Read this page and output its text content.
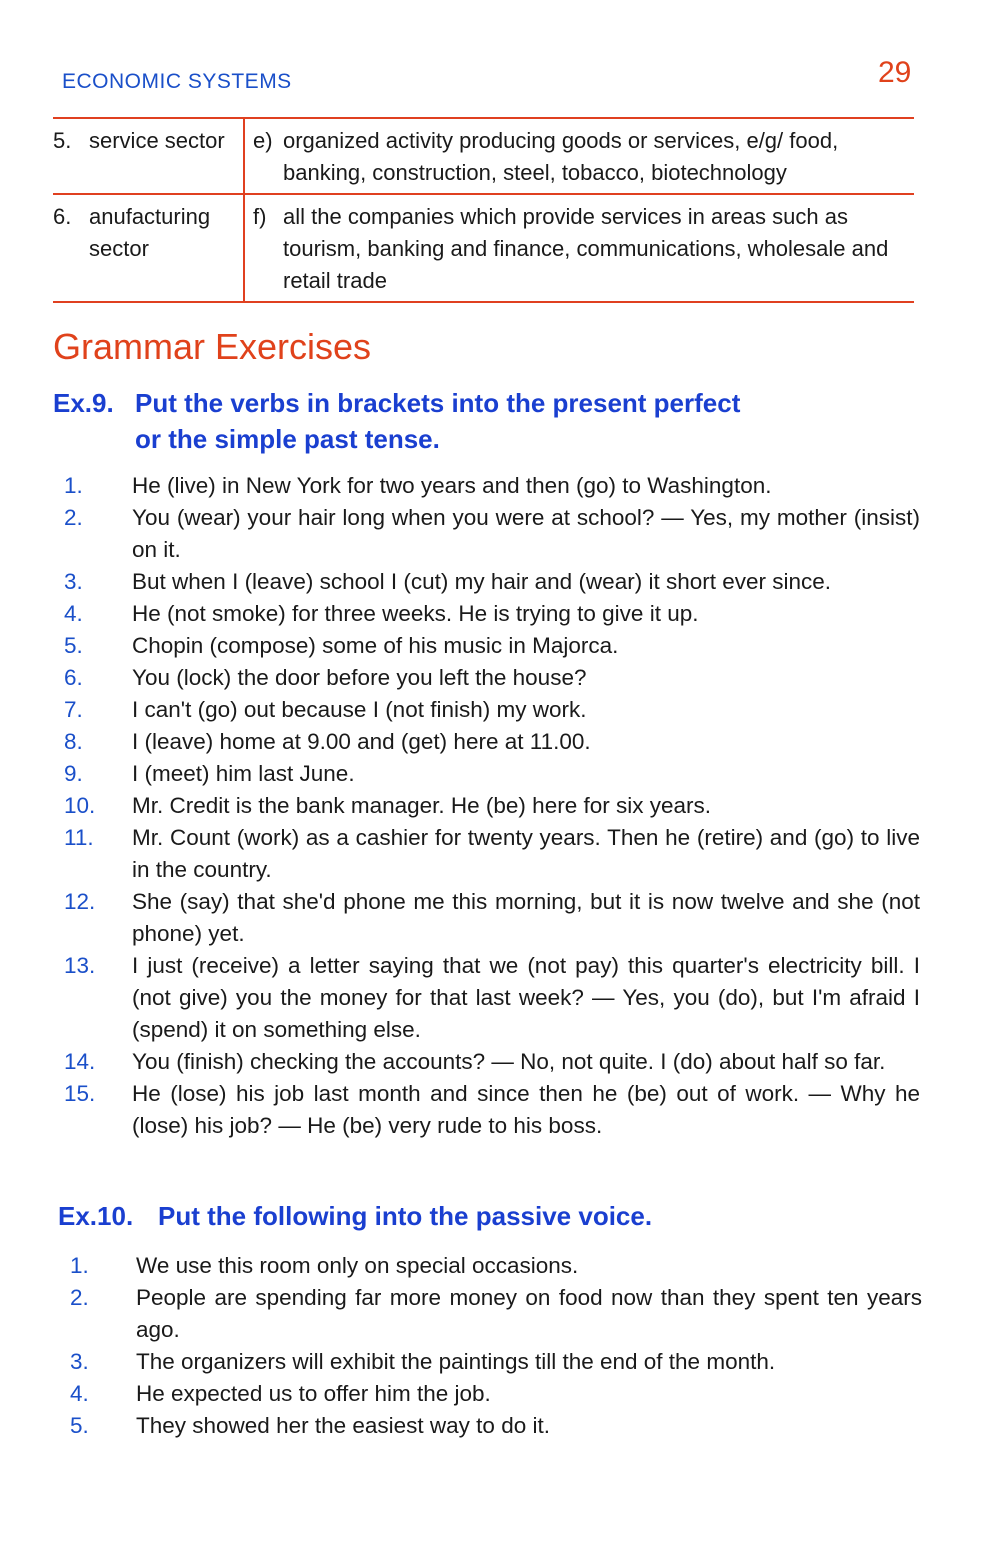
ECONOMIC SYSTEMS	29
5. service sector	e) organized activity producing goods or services, e/g/ food, banking, construction, steel, tobacco, biotechnology

6. anufacturing sector	f) all the companies which provide services in areas such as tourism, banking and finance, communications, wholesale and retail trade
Grammar Exercises
Ex.9. Put the verbs in brackets into the present perfect or the simple past tense.
1.	He (live) in New York for two years and then (go) to Washington.
2.	You (wear) your hair long when you were at school? — Yes, my mother (insist) on it.
3.	But when I (leave) school I (cut) my hair and (wear) it short ever since.
4.	He (not smoke) for three weeks. He is trying to give it up.
5.	Chopin (compose) some of his music in Majorca.
6.	You (lock) the door before you left the house?
7.	I can't (go) out because I (not finish) my work.
8.	I (leave) home at 9.00 and (get) here at 11.00.
9.	I (meet) him last June.
10.	Mr. Credit is the bank manager. He (be) here for six years.
11.	Mr. Count (work) as a cashier for twenty years. Then he (retire) and (go) to live in the country.
12.	She (say) that she'd phone me this morning, but it is now twelve and she (not phone) yet.
13.	I just (receive) a letter saying that we (not pay) this quarter's electricity bill. I (not give) you the money for that last week? — Yes, you (do), but I'm afraid I (spend) it on something else.
14.	You (finish) checking the accounts? — No, not quite. I (do) about half so far.
15.	He (lose) his job last month and since then he (be) out of work. — Why he (lose) his job? — He (be) very rude to his boss.
Ex.10. Put the following into the passive voice.
1.	We use this room only on special occasions.
2.	People are spending far more money on food now than they spent ten years ago.
3.	The organizers will exhibit the paintings till the end of the month.
4.	He expected us to offer him the job.
5.	They showed her the easiest way to do it.
